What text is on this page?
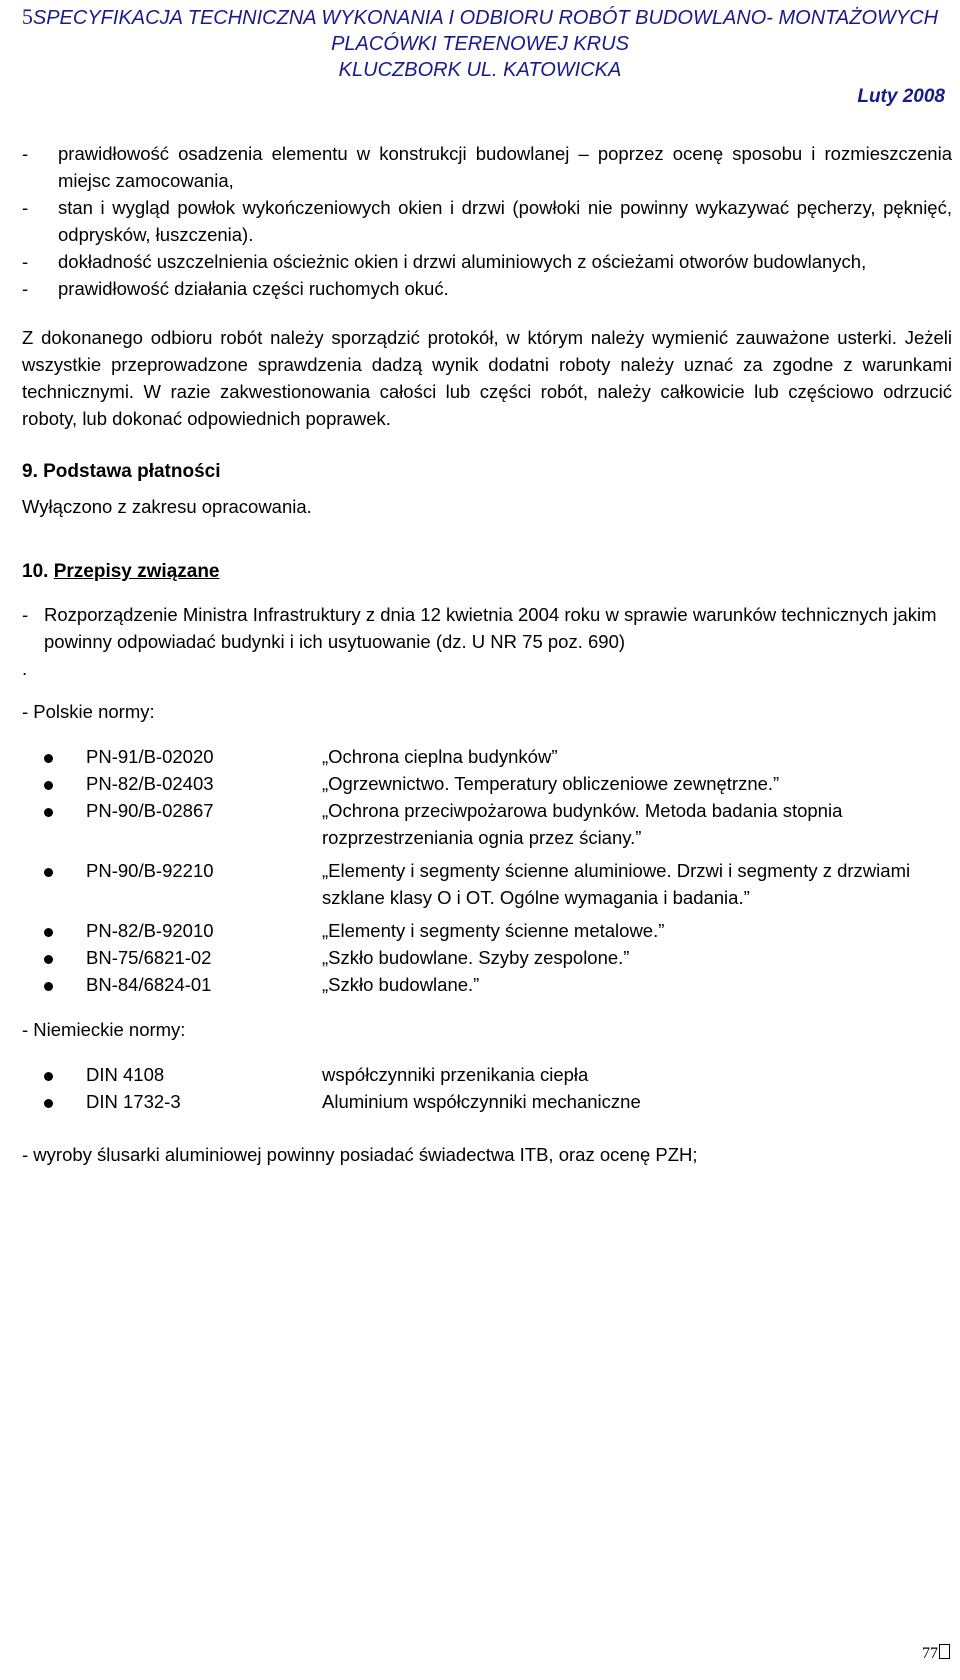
5SPECYFIKACJA TECHNICZNA WYKONANIA I ODBIORU ROBÓT BUDOWLANO- MONTAŻOWYCH
PLACÓWKI TERENOWEJ KRUS
KLUCZBORK UL. KATOWICKA
Luty 2008
-	prawidłowość osadzenia elementu w konstrukcji budowlanej – poprzez ocenę sposobu i rozmieszczenia miejsc zamocowania,
-	stan i wygląd powłok wykończeniowych okien i drzwi (powłoki nie powinny wykazywać pęcherzy, pęknięć, odprysków, łuszczenia).
-	dokładność uszczelnienia ościeżnic okien i drzwi aluminiowych z ościeżami otworów budowlanych,
-	prawidłowość działania części ruchomych okuć.
Z dokonanego odbioru robót należy sporządzić protokół, w którym należy wymienić zauważone usterki. Jeżeli wszystkie przeprowadzone sprawdzenia dadzą wynik dodatni roboty należy uznać za zgodne z warunkami technicznymi. W razie zakwestionowania całości lub części robót, należy całkowicie lub częściowo odrzucić roboty, lub dokonać odpowiednich poprawek.
9. Podstawa płatności
Wyłączono z zakresu opracowania.
10. Przepisy związane
- Rozporządzenie Ministra Infrastruktury z dnia 12 kwietnia 2004 roku w sprawie warunków technicznych jakim powinny odpowiadać budynki i ich usytuowanie (dz. U NR 75 poz. 690)
.
- Polskie normy:
PN-91/B-02020	„Ochrona cieplna budynków”
PN-82/B-02403	„Ogrzewnictwo. Temperatury obliczeniowe zewnętrzne.”
PN-90/B-02867	„Ochrona przeciwpożarowa budynków. Metoda badania stopnia rozprzestrzeniania ognia przez ściany.”
PN-90/B-92210	„Elementy i segmenty ścienne aluminiowe. Drzwi i segmenty z drzwiami szklane klasy O i OT. Ogólne wymagania i badania.”
PN-82/B-92010	„Elementy i segmenty ścienne metalowe.”
BN-75/6821-02	„Szkło budowlane. Szyby zespolone.”
BN-84/6824-01	„Szkło budowlane.”
- Niemieckie normy:
DIN 4108	współczynniki przenikania ciepła
DIN 1732-3	Aluminium współczynniki mechaniczne
- wyroby ślusarki aluminiowej powinny posiadać świadectwa ITB, oraz ocenę PZH;
77
